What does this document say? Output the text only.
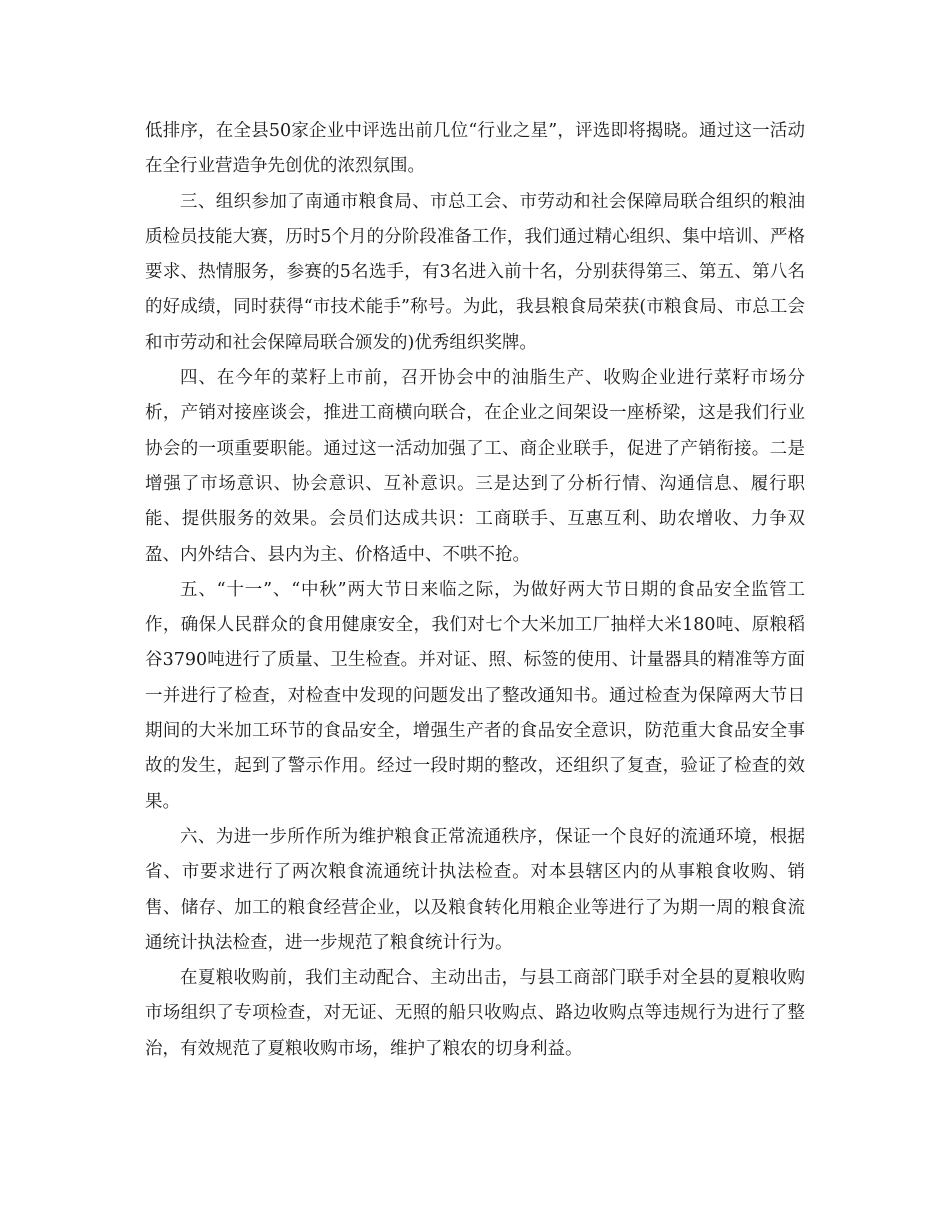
低排序，在全县50家企业中评选出前几位“行业之星”，评选即将揭晓。通过这一活动在全行业营造争先创优的浓烈氛围。

三、组织参加了南通市粮食局、市总工会、市劳动和社会保障局联合组织的粮油质检员技能大赛，历时5个月的分阶段准备工作，我们通过精心组织、集中培训、严格要求、热情服务，参赛的5名选手，有3名进入前十名，分别获得第三、第五、第八名的好成绩，同时获得“市技术能手”称号。为此，我县粮食局荣获(市粮食局、市总工会和市劳动和社会保障局联合颁发的)优秀组织奖牌。

四、在今年的菜籽上市前，召开协会中的油脂生产、收购企业进行菜籽市场分析，产销对接座谈会，推进工商横向联合，在企业之间架设一座桥梁，这是我们行业协会的一项重要职能。通过这一活动加强了工、商企业联手，促进了产销衔接。二是增强了市场意识、协会意识、互补意识。三是达到了分析行情、沟通信息、履行职能、提供服务的效果。会员们达成共识：工商联手、互惠互利、助农增收、力争双盈、内外结合、县内为主、价格适中、不哄不抢。

五、“十一”、“中秋”两大节日来临之际，为做好两大节日期的食品安全监管工作，确保人民群众的食用健康安全，我们对七个大米加工厂抽样大米180吨、原粮稻谷3790吨进行了质量、卫生检查。并对证、照、标签的使用、计量器具的精准等方面一并进行了检查，对检查中发现的问题发出了整改通知书。通过检查为保障两大节日期间的大米加工环节的食品安全，增强生产者的食品安全意识，防范重大食品安全事故的发生，起到了警示作用。经过一段时期的整改，还组织了复查，验证了检查的效果。

六、为进一步所作所为维护粮食正常流通秩序，保证一个良好的流通环境，根据省、市要求进行了两次粮食流通统计执法检查。对本县辖区内的从事粮食收购、销售、储存、加工的粮食经营企业，以及粮食转化用粮企业等进行了为期一周的粮食流通统计执法检查，进一步规范了粮食统计行为。

在夏粮收购前，我们主动配合、主动出击，与县工商部门联手对全县的夏粮收购市场组织了专项检查，对无证、无照的船只收购点、路边收购点等违规行为进行了整治，有效规范了夏粮收购市场，维护了粮农的切身利益。
